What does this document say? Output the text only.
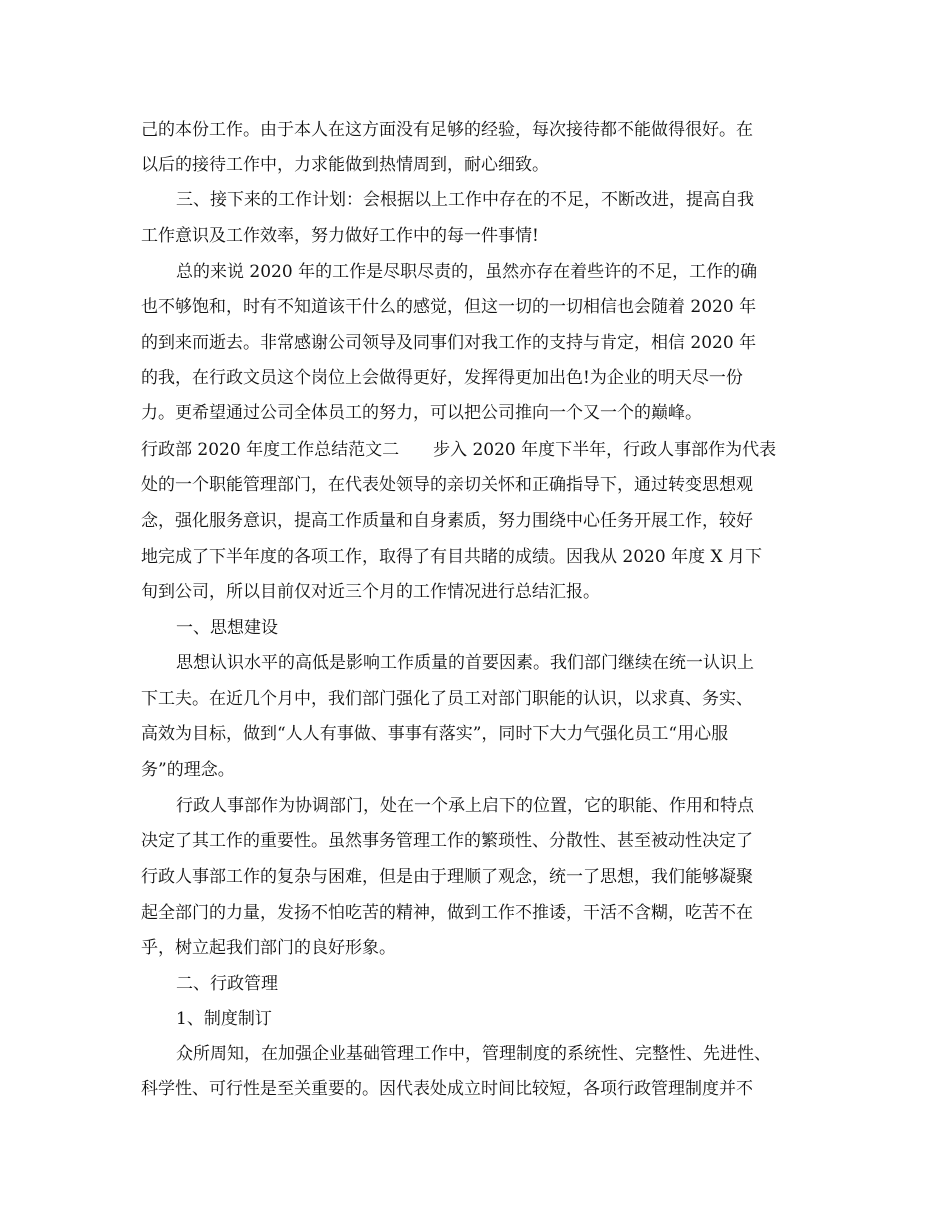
己的本份工作。由于本人在这方面没有足够的经验，每次接待都不能做得很好。在
以后的接待工作中，力求能做到热情周到，耐心细致。
三、接下来的工作计划：会根据以上工作中存在的不足，不断改进，提高自我
工作意识及工作效率，努力做好工作中的每一件事情!
总的来说 2020 年的工作是尽职尽责的，虽然亦存在着些许的不足，工作的确
也不够饱和，时有不知道该干什么的感觉，但这一切的一切相信也会随着 2020 年
的到来而逝去。非常感谢公司领导及同事们对我工作的支持与肯定，相信 2020 年
的我，在行政文员这个岗位上会做得更好，发挥得更加出色!为企业的明天尽一份
力。更希望通过公司全体员工的努力，可以把公司推向一个又一个的巅峰。
行政部 2020 年度工作总结范文二　　步入 2020 年度下半年，行政人事部作为代表
处的一个职能管理部门，在代表处领导的亲切关怀和正确指导下，通过转变思想观
念，强化服务意识，提高工作质量和自身素质，努力围绕中心任务开展工作，较好
地完成了下半年度的各项工作，取得了有目共睹的成绩。因我从 2020 年度 X 月下
旬到公司，所以目前仅对近三个月的工作情况进行总结汇报。
一、思想建设
思想认识水平的高低是影响工作质量的首要因素。我们部门继续在统一认识上
下工夫。在近几个月中，我们部门强化了员工对部门职能的认识，以求真、务实、
高效为目标，做到“人人有事做、事事有落实”，同时下大力气强化员工“用心服
务”的理念。
行政人事部作为协调部门，处在一个承上启下的位置，它的职能、作用和特点
决定了其工作的重要性。虽然事务管理工作的繁琐性、分散性、甚至被动性决定了
行政人事部工作的复杂与困难，但是由于理顺了观念，统一了思想，我们能够凝聚
起全部门的力量，发扬不怕吃苦的精神，做到工作不推诿，干活不含糊，吃苦不在
乎，树立起我们部门的良好形象。
二、行政管理
1、制度制订
众所周知，在加强企业基础管理工作中，管理制度的系统性、完整性、先进性、
科学性、可行性是至关重要的。因代表处成立时间比较短，各项行政管理制度并不
